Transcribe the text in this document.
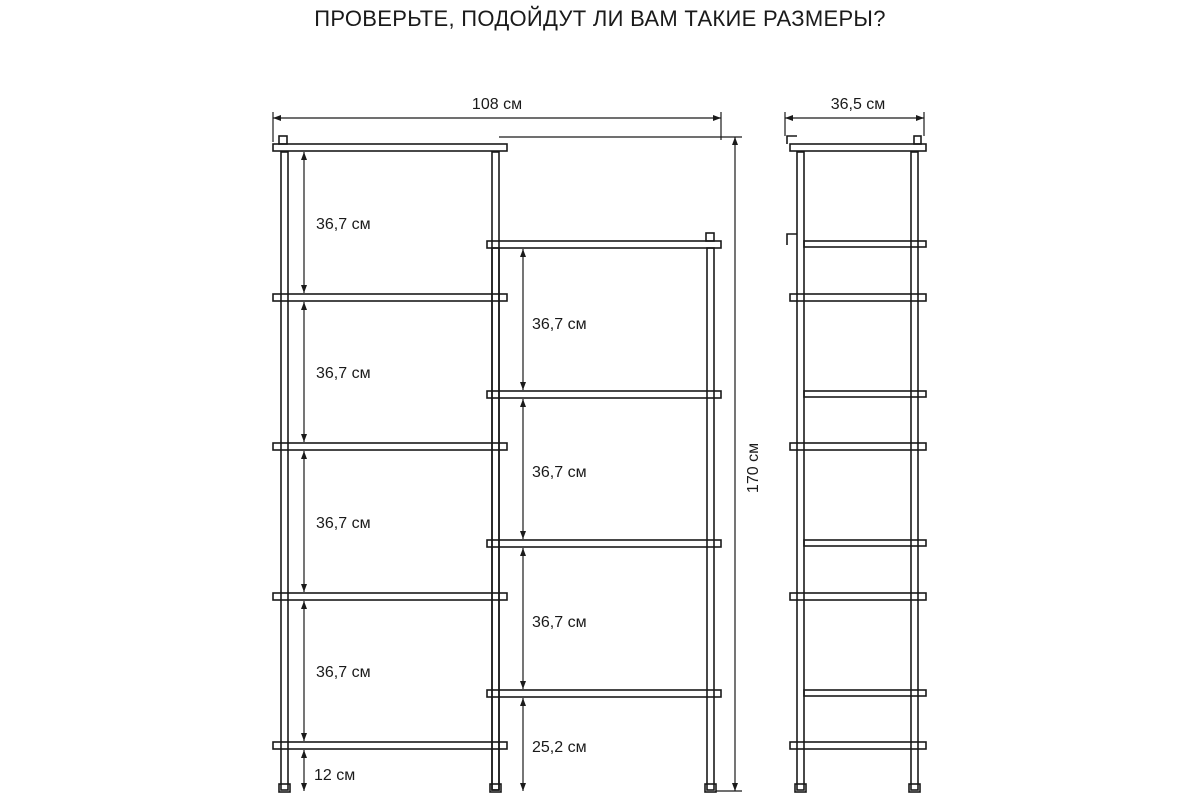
ПРОВЕРЬТЕ, ПОДОЙДУТ ЛИ ВАМ ТАКИЕ РАЗМЕРЫ?
108 см	36,5 см
170 см
36,7 см
36,7 см
36,7 см
36,7 см
12 см
36,7 см
36,7 см
36,7 см
25,2 см
